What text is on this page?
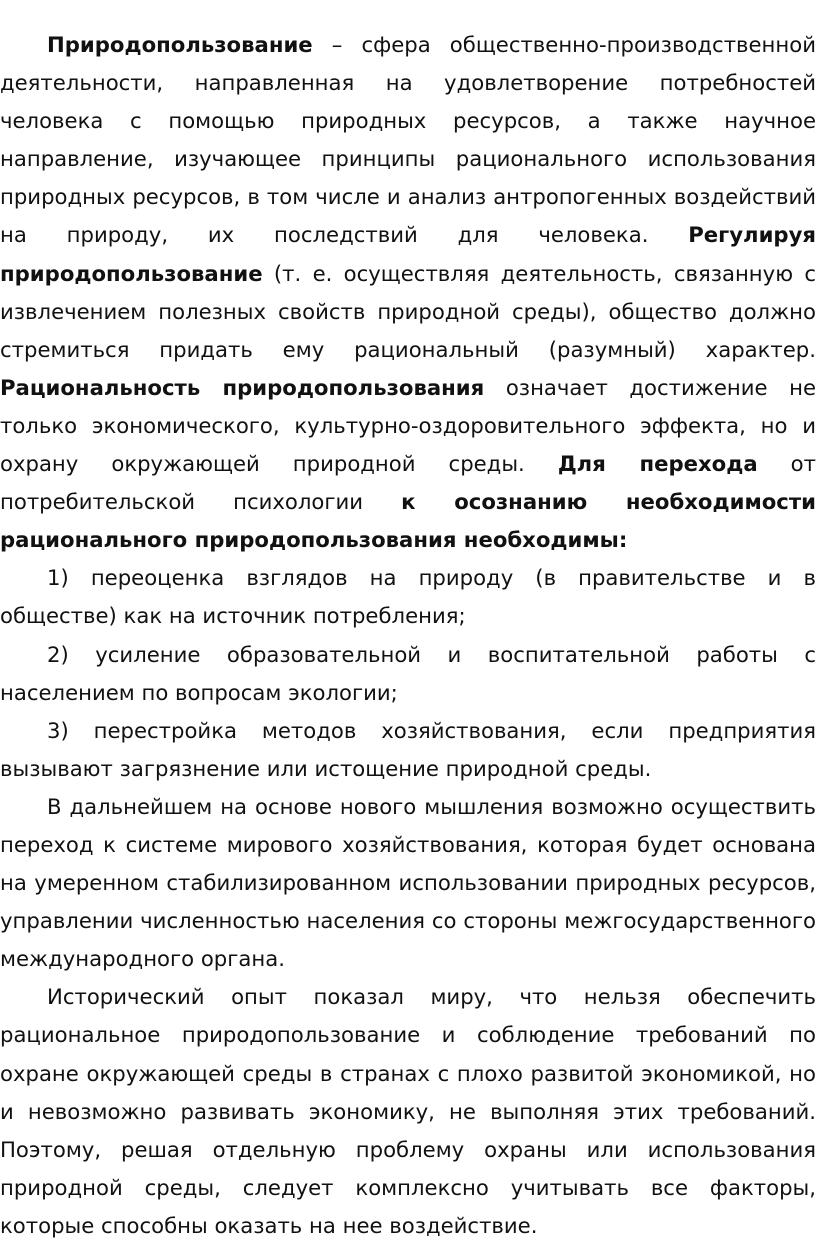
Природопользование – сфера общественно-производственной деятельности, направленная на удовлетворение потребностей человека с помощью природных ресурсов, а также научное направление, изучающее принципы рационального использования природных ресурсов, в том числе и анализ антропогенных воздействий на природу, их последствий для человека. Регулируя природопользование (т. е. осуществляя деятельность, связанную с извлечением полезных свойств природной среды), общество должно стремиться придать ему рациональный (разумный) характер. Рациональность природопользования означает достижение не только экономического, культурно-оздоровительного эффекта, но и охрану окружающей природной среды. Для перехода от потребительской психологии к осознанию необходимости рационального природопользования необходимы:

1) переоценка взглядов на природу (в правительстве и в обществе) как на источник потребления;

2) усиление образовательной и воспитательной работы с населением по вопросам экологии;

3) перестройка методов хозяйствования, если предприятия вызывают загрязнение или истощение природной среды.

В дальнейшем на основе нового мышления возможно осуществить переход к системе мирового хозяйствования, которая будет основана на умеренном стабилизированном использовании природных ресурсов, управлении численностью населения со стороны межгосударственного международного органа.

Исторический опыт показал миру, что нельзя обеспечить рациональное природопользование и соблюдение требований по охране окружающей среды в странах с плохо развитой экономикой, но и невозможно развивать экономику, не выполняя этих требований. Поэтому, решая отдельную проблему охраны или использования природной среды, следует комплексно учитывать все факторы, которые способны оказать на нее воздействие.
